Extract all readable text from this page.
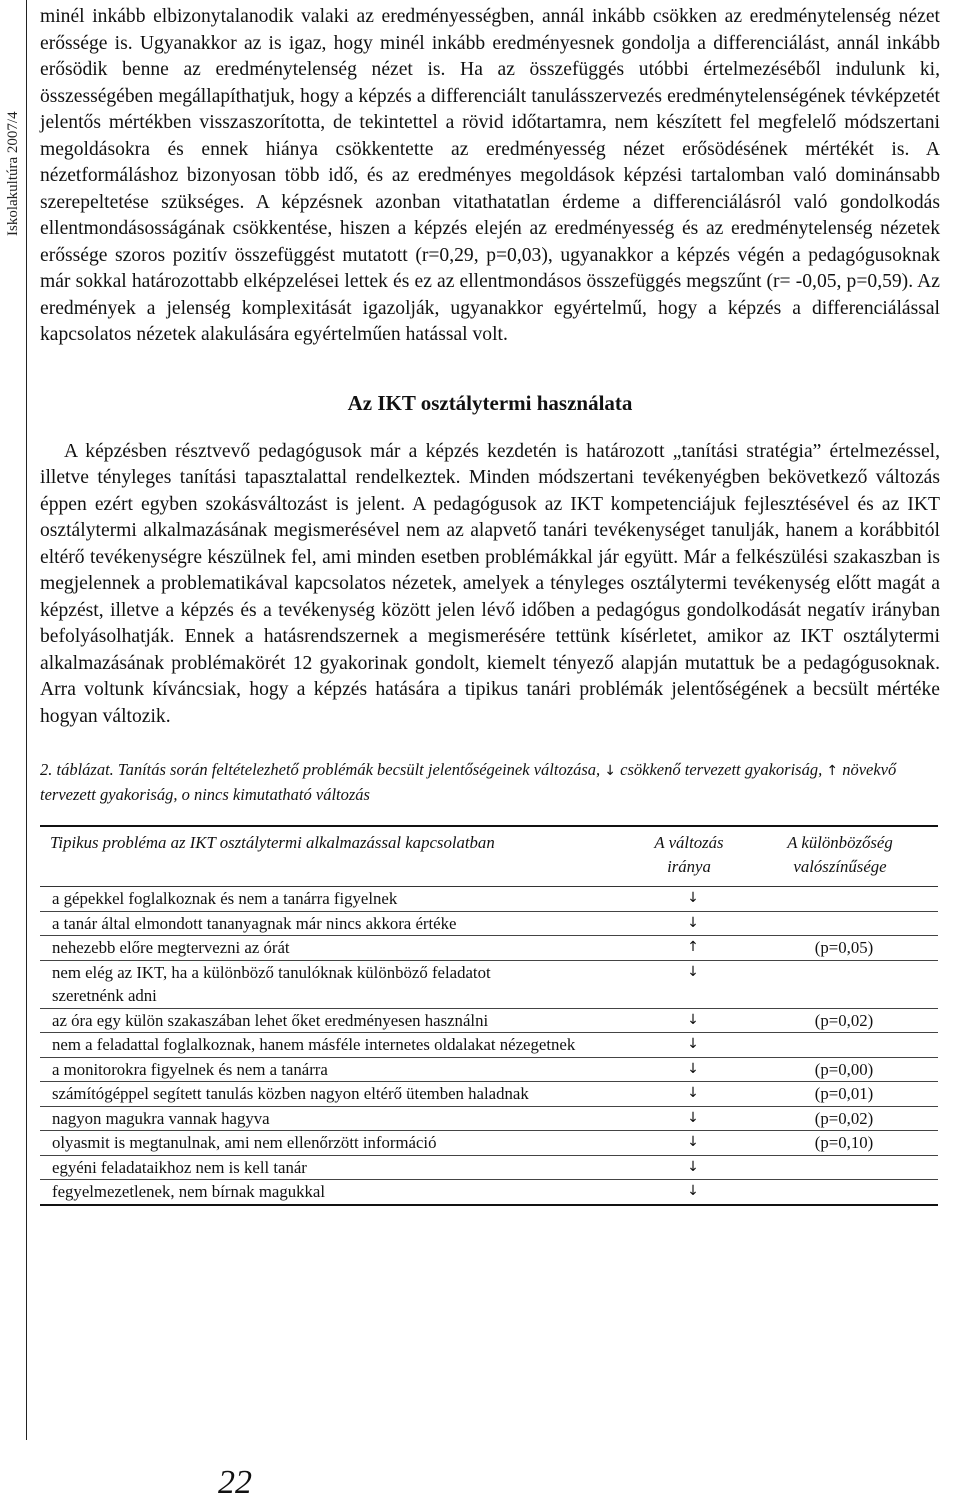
Iskolakultúra 2007/4

minél inkább elbizonytalanodik valaki az eredményességben, annál inkább csökken az eredménytelenség nézet erőssége is. Ugyanakkor az is igaz, hogy minél inkább eredményesnek gondolja a differenciálást, annál inkább erősödik benne az eredménytelenség nézet is. Ha az összefüggés utóbbi értelmezéséből indulunk ki, összességében megállapíthatjuk, hogy a képzés a differenciált tanulásszervezés eredménytelenségének tévképzetét jelentős mértékben visszaszorította, de tekintettel a rövid időtartamra, nem készített fel megfelelő módszertani megoldásokra és ennek hiánya csökkentette az eredményesség nézet erősödésének mértékét is. A nézetformáláshoz bizonyosan több idő, és az eredményes megoldások képzési tartalomban való dominánsabb szerepeltetése szükséges. A képzésnek azonban vitathatatlan érdeme a differenciálásról való gondolkodás ellentmondásosságának csökkentése, hiszen a képzés elején az eredményesség és az eredménytelenség nézetek erőssége szoros pozitív összefüggést mutatott (r=0,29, p=0,03), ugyanakkor a képzés végén a pedagógusoknak már sokkal határozottabb elképzelései lettek és ez az ellentmondásos összefüggés megszűnt (r= -0,05, p=0,59). Az eredmények a jelenség komplexitását igazolják, ugyanakkor egyértelmű, hogy a képzés a differenciálással kapcsolatos nézetek alakulására egyértelműen hatással volt.

Az IKT osztálytermi használata

A képzésben résztvevő pedagógusok már a képzés kezdetén is határozott „tanítási stratégia” értelmezéssel, illetve tényleges tanítási tapasztalattal rendelkeztek. Minden módszertani tevékenyégben bekövetkező változás éppen ezért egyben szokásváltozást is jelent. A pedagógusok az IKT kompetenciájuk fejlesztésével és az IKT osztálytermi alkalmazásának megismerésével nem az alapvető tanári tevékenységet tanulják, hanem a korábbitól eltérő tevékenységre készülnek fel, ami minden esetben problémákkal jár együtt. Már a felkészülési szakaszban is megjelennek a problematikával kapcsolatos nézetek, amelyek a tényleges osztálytermi tevékenység előtt magát a képzést, illetve a képzés és a tevékenység között jelen lévő időben a pedagógus gondolkodását negatív irányban befolyásolhatják. Ennek a hatásrendszernek a megismerésére tettünk kísérletet, amikor az IKT osztálytermi alkalmazásának problémakörét 12 gyakorinak gondolt, kiemelt tényező alapján mutattuk be a pedagógusoknak. Arra voltunk kíváncsiak, hogy a képzés hatására a tipikus tanári problémák jelentőségének a becsült mértéke hogyan változik.

2. táblázat. Tanítás során feltételezhető problémák becsült jelentőségeinek változása, ↓ csökkenő tervezett gyakoriság, ↑ növekvő tervezett gyakoriság, o nincs kimutatható változás
Tipikus probléma az IKT osztálytermi alkalmazással kapcsolatban	A változás iránya	A különbözőség valószínűsége
a gépekkel foglalkoznak és nem a tanárra figyelnek	↓	
a tanár által elmondott tananyagnak már nincs akkora értéke	↓	
nehezebb előre megtervezni az órát	↑	(p=0,05)
nem elég az IKT, ha a különböző tanulóknak különböző feladatot szeretnénk adni	↓	
az óra egy külön szakaszában lehet őket eredményesen használni	↓	(p=0,02)
nem a feladattal foglalkoznak, hanem másféle internetes oldalakat nézegetnek	↓	
a monitorokra figyelnek és nem a tanárra	↓	(p=0,00)
számítógéppel segített tanulás közben nagyon eltérő ütemben haladnak	↓	(p=0,01)
nagyon magukra vannak hagyva	↓	(p=0,02)
olyasmit is megtanulnak, ami nem ellenőrzött információ	↓	(p=0,10)
egyéni feladataikhoz nem is kell tanár	↓	
fegyelmezetlenek, nem bírnak magukkal	↓	
22
